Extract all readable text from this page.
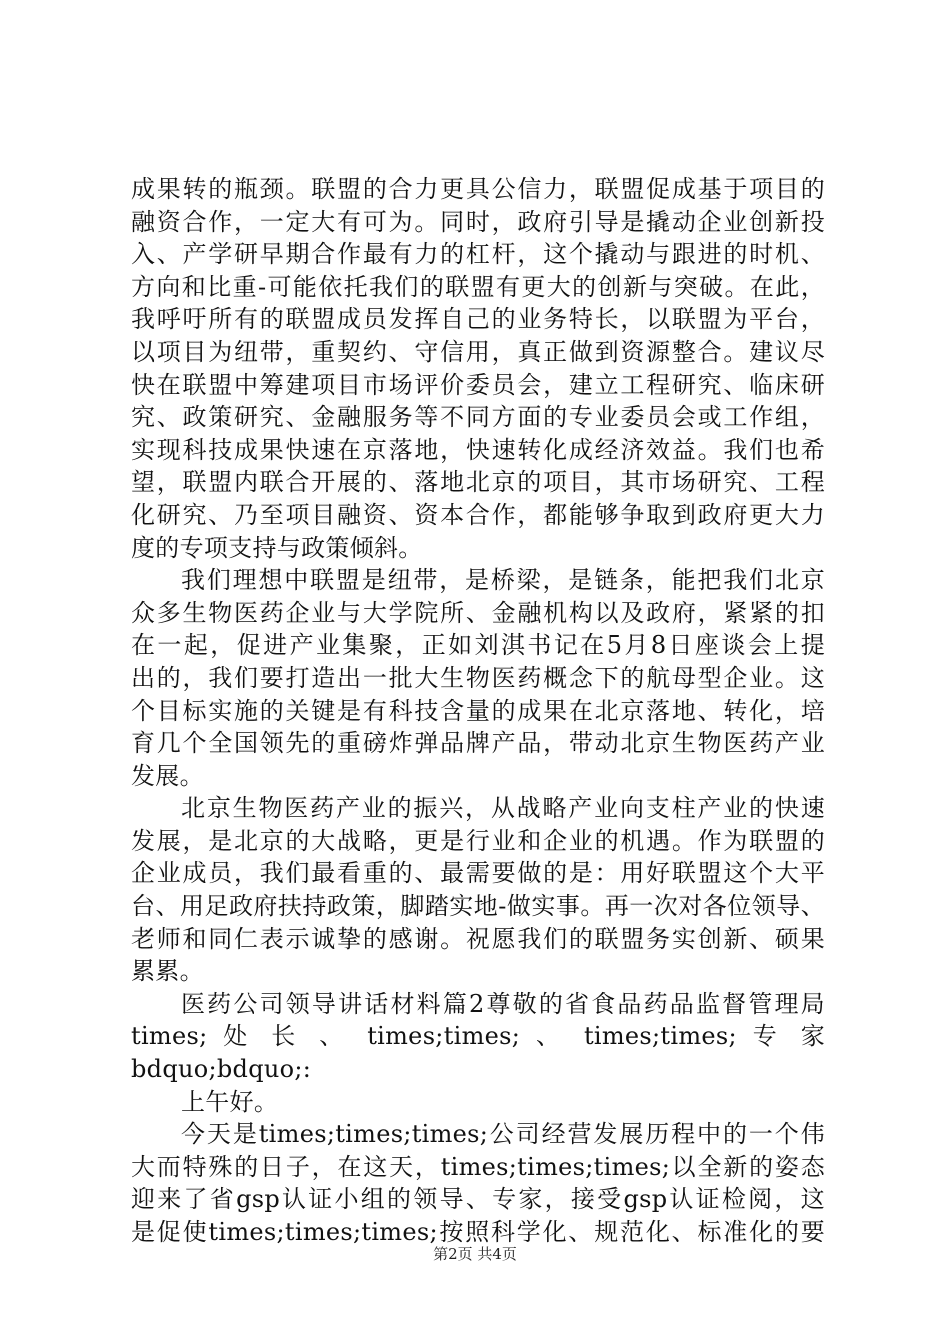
成果转的瓶颈。联盟的合力更具公信力，联盟促成基于项目的
融资合作，一定大有可为。同时，政府引导是撬动企业创新投
入、产学研早期合作最有力的杠杆，这个撬动与跟进的时机、
方向和比重-可能依托我们的联盟有更大的创新与突破。在此，
我呼吁所有的联盟成员发挥自己的业务特长，以联盟为平台，
以项目为纽带，重契约、守信用，真正做到资源整合。建议尽
快在联盟中筹建项目市场评价委员会，建立工程研究、临床研
究、政策研究、金融服务等不同方面的专业委员会或工作组，
实现科技成果快速在京落地，快速转化成经济效益。我们也希
望，联盟内联合开展的、落地北京的项目，其市场研究、工程
化研究、乃至项目融资、资本合作，都能够争取到政府更大力
度的专项支持与政策倾斜。
我们理想中联盟是纽带，是桥梁，是链条，能把我们北京
众多生物医药企业与大学院所、金融机构以及政府，紧紧的扣
在一起，促进产业集聚，正如刘淇书记在5月8日座谈会上提
出的，我们要打造出一批大生物医药概念下的航母型企业。这
个目标实施的关键是有科技含量的成果在北京落地、转化，培
育几个全国领先的重磅炸弹品牌产品，带动北京生物医药产业
发展。
北京生物医药产业的振兴，从战略产业向支柱产业的快速
发展，是北京的大战略，更是行业和企业的机遇。作为联盟的
企业成员，我们最看重的、最需要做的是：用好联盟这个大平
台、用足政府扶持政策，脚踏实地-做实事。再一次对各位领导、
老师和同仁表示诚挚的感谢。祝愿我们的联盟务实创新、硕果
累累。
医药公司领导讲话材料篇2尊敬的省食品药品监督管理局
times; 处 长 、 times;times; 、 times;times; 专 家
bdquo;bdquo;:
上午好。
今天是times;times;times;公司经营发展历程中的一个伟
大而特殊的日子，在这天，times;times;times;以全新的姿态
迎来了省gsp认证小组的领导、专家，接受gsp认证检阅，这
是促使times;times;times;按照科学化、规范化、标准化的要
第2页 共4页
